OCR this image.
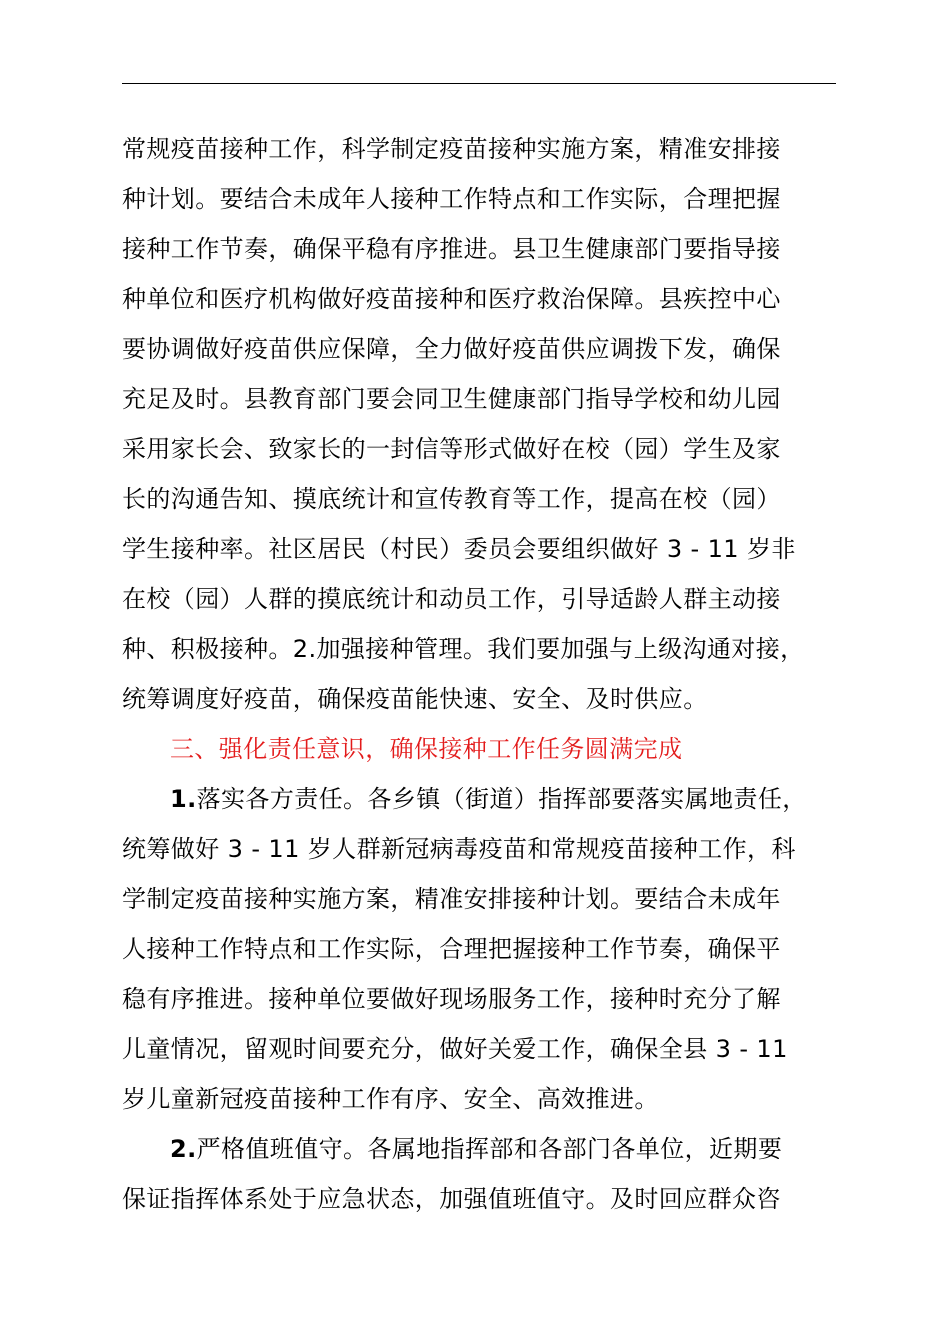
常规疫苗接种工作，科学制定疫苗接种实施方案，精准安排接
种计划。要结合未成年人接种工作特点和工作实际，合理把握
接种工作节奏，确保平稳有序推进。县卫生健康部门要指导接
种单位和医疗机构做好疫苗接种和医疗救治保障。县疾控中心
要协调做好疫苗供应保障，全力做好疫苗供应调拨下发，确保
充足及时。县教育部门要会同卫生健康部门指导学校和幼儿园
采用家长会、致家长的一封信等形式做好在校（园）学生及家
长的沟通告知、摸底统计和宣传教育等工作，提高在校（园）
学生接种率。社区居民（村民）委员会要组织做好 3 - 11 岁非
在校（园）人群的摸底统计和动员工作，引导适龄人群主动接
种、积极接种。2.加强接种管理。我们要加强与上级沟通对接，
统筹调度好疫苗，确保疫苗能快速、安全、及时供应。
三、强化责任意识，确保接种工作任务圆满完成
1.落实各方责任。各乡镇（街道）指挥部要落实属地责任，
统筹做好 3 - 11 岁人群新冠病毒疫苗和常规疫苗接种工作，科
学制定疫苗接种实施方案，精准安排接种计划。要结合未成年
人接种工作特点和工作实际，合理把握接种工作节奏，确保平
稳有序推进。接种单位要做好现场服务工作，接种时充分了解
儿童情况，留观时间要充分，做好关爱工作，确保全县 3 - 11
岁儿童新冠疫苗接种工作有序、安全、高效推进。
2.严格值班值守。各属地指挥部和各部门各单位，近期要
保证指挥体系处于应急状态，加强值班值守。及时回应群众咨
